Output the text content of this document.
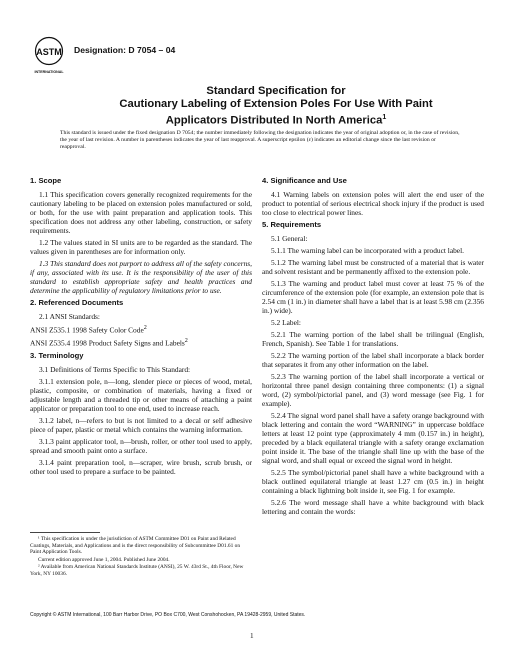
ASTM
INTERNATIONAL
Designation: D 7054 – 04
Standard Specification for
Cautionary Labeling of Extension Poles For Use With Paint
Applicators Distributed In North America$^1$
This standard is issued under the fixed designation D 7054; the number immediately following the designation indicates the year of original adoption or, in the case of revision, the year of last revision. A number in parentheses indicates the year of last reapproval. A superscript epsilon (ε) indicates an editorial change since the last revision or reapproval.
1. Scope

1.1 This specification covers generally recognized requirements for the cautionary labeling to be placed on extension poles manufactured or sold, or both, for the use with paint preparation and application tools. This specification does not address any other labeling, construction, or safety requirements.

1.2 The values stated in SI units are to be regarded as the standard. The values given in parentheses are for information only.

1.3 This standard does not purport to address all of the safety concerns, if any, associated with its use. It is the responsibility of the user of this standard to establish appropriate safety and health practices and determine the applicability of regulatory limitations prior to use.

2. Referenced Documents

2.1 ANSI Standards:

ANSI Z535.1 1998 Safety Color Code$^2$

ANSI Z535.4 1998 Product Safety Signs and Labels$^2$

3. Terminology

3.1 Definitions of Terms Specific to This Standard:

3.1.1 extension pole, n—long, slender piece or pieces of wood, metal, plastic, composite, or combination of materials, having a fixed or adjustable length and a threaded tip or other means of attaching a paint applicator or preparation tool to one end, used to increase reach.

3.1.2 label, n—refers to but is not limited to a decal or self adhesive piece of paper, plastic or metal which contains the warning information.

3.1.3 paint applicator tool, n—brush, roller, or other tool used to apply, spread and smooth paint onto a surface.

3.1.4 paint preparation tool, n—scraper, wire brush, scrub brush, or other tool used to prepare a surface to be painted.

4. Significance and Use

4.1 Warning labels on extension poles will alert the end user of the product to potential of serious electrical shock injury if the product is used too close to electrical power lines.

5. Requirements

5.1 General:

5.1.1 The warning label can be incorporated with a product label.

5.1.2 The warning label must be constructed of a material that is water and solvent resistant and be permanently affixed to the extension pole.

5.1.3 The warning and product label must cover at least 75 % of the circumference of the extension pole (for example, an extension pole that is 2.54 cm (1 in.) in diameter shall have a label that is at least 5.98 cm (2.356 in.) wide).

5.2 Label:

5.2.1 The warning portion of the label shall be trilingual (English, French, Spanish). See Table 1 for translations.

5.2.2 The warning portion of the label shall incorporate a black border that separates it from any other information on the label.

5.2.3 The warning portion of the label shall incorporate a vertical or horizontal three panel design containing three components: (1) a signal word, (2) symbol/pictorial panel, and (3) word message (see Fig. 1 for example).

5.2.4 The signal word panel shall have a safety orange background with black lettering and contain the word “WARNING” in uppercase boldface letters at least 12 point type (approximately 4 mm (0.157 in.) in height), preceded by a black equilateral triangle with a safety orange exclamation point inside it. The base of the triangle shall line up with the base of the signal word, and shall equal or exceed the signal word in height.

5.2.5 The symbol/pictorial panel shall have a white background with a black outlined equilateral triangle at least 1.27 cm (0.5 in.) in height containing a black lightning bolt inside it, see Fig. 1 for example.

5.2.6 The word message shall have a white background with black lettering and contain the words:

¹ This specification is under the jurisdiction of ASTM Committee D01 on Paint and Related Coatings, Materials, and Applications and is the direct responsibility of Subcommittee D01.61 on Paint Application Tools.

Current edition approved June 1, 2004. Published June 2004.

² Available from American National Standards Institute (ANSI), 25 W. 43rd St., 4th Floor, New York, NY 10036.

Copyright © ASTM International, 100 Barr Harbor Drive, PO Box C700, West Conshohocken, PA 19428-2959, United States.
1
